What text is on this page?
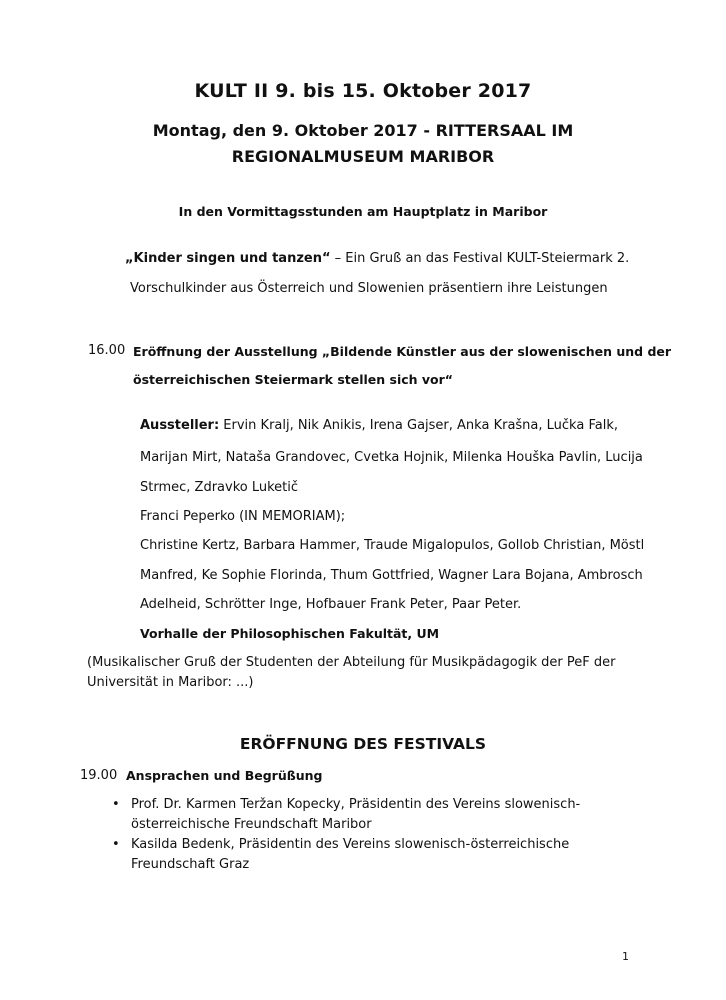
KULT II 9. bis 15. Oktober 2017
Montag, den 9. Oktober 2017 - RITTERSAAL IM
REGIONALMUSEUM MARIBOR
In den Vormittagsstunden am Hauptplatz in Maribor
„Kinder singen und tanzen“ – Ein Gruß an das Festival KULT-Steiermark 2.
Vorschulkinder aus Österreich und Slowenien präsentiern ihre Leistungen
16.00 Eröffnung der Ausstellung „Bildende Künstler aus der slowenischen und der
österreichischen Steiermark stellen sich vor“
Aussteller: Ervin Kralj, Nik Anikis, Irena Gajser, Anka Krašna, Lučka Falk,
Marijan Mirt, Nataša Grandovec, Cvetka Hojnik, Milenka Houška Pavlin, Lucija
Strmec, Zdravko Luketič
Franci Peperko (IN MEMORIAM);
Christine Kertz, Barbara Hammer, Traude Migalopulos, Gollob Christian, Möstl
Manfred, Ke Sophie Florinda, Thum Gottfried, Wagner Lara Bojana, Ambrosch
Adelheid, Schrötter Inge, Hofbauer Frank Peter, Paar Peter.
Vorhalle der Philosophischen Fakultät, UM
(Musikalischer Gruß der Studenten der Abteilung für Musikpädagogik der PeF der
Universität in Maribor: ...)
ERÖFFNUNG DES FESTIVALS
19.00 Ansprachen und Begrüßung
• Prof. Dr. Karmen Teržan Kopecky, Präsidentin des Vereins slowenisch-
österreichische Freundschaft Maribor
• Kasilda Bedenk, Präsidentin des Vereins slowenisch-österreichische
Freundschaft Graz
1
